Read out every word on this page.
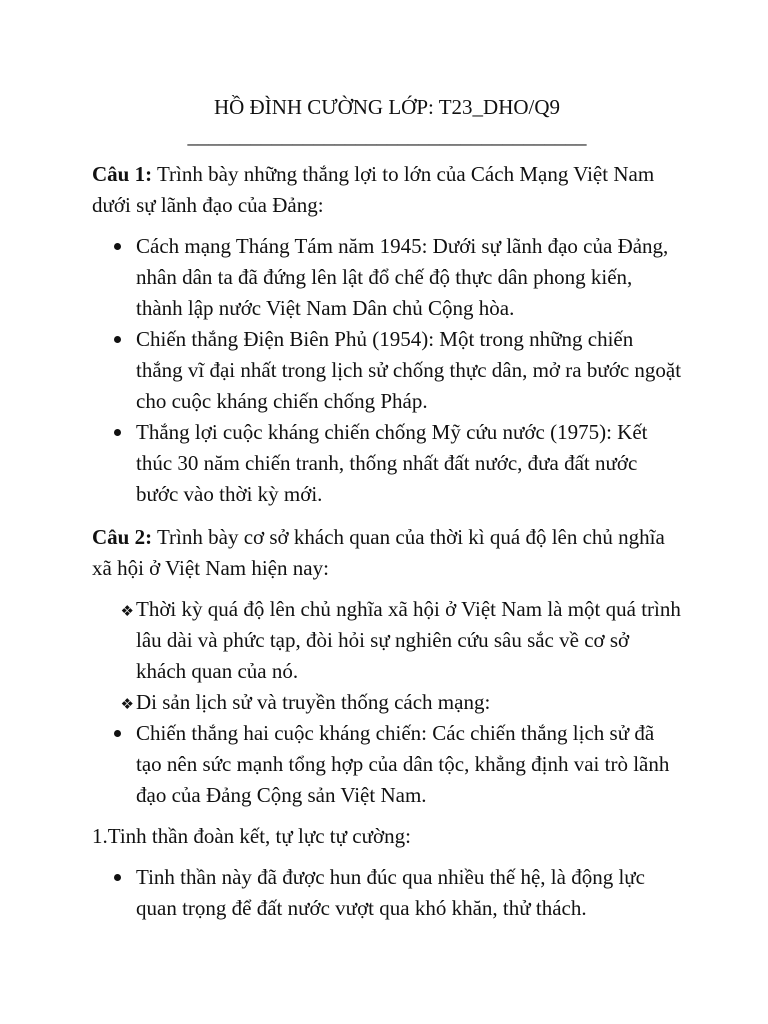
HỒ ĐÌNH CƯỜNG LỚP: T23_DHO/Q9

______________________________________

Câu 1: Trình bày những thắng lợi to lớn của Cách Mạng Việt Nam dưới sự lãnh đạo của Đảng:

Cách mạng Tháng Tám năm 1945: Dưới sự lãnh đạo của Đảng, nhân dân ta đã đứng lên lật đổ chế độ thực dân phong kiến, thành lập nước Việt Nam Dân chủ Cộng hòa.
Chiến thắng Điện Biên Phủ (1954): Một trong những chiến thắng vĩ đại nhất trong lịch sử chống thực dân, mở ra bước ngoặt cho cuộc kháng chiến chống Pháp.
Thắng lợi cuộc kháng chiến chống Mỹ cứu nước (1975): Kết thúc 30 năm chiến tranh, thống nhất đất nước, đưa đất nước bước vào thời kỳ mới.

Câu 2: Trình bày cơ sở khách quan của thời kì quá độ lên chủ nghĩa xã hội ở Việt Nam hiện nay:

❖ Thời kỳ quá độ lên chủ nghĩa xã hội ở Việt Nam là một quá trình lâu dài và phức tạp, đòi hỏi sự nghiên cứu sâu sắc về cơ sở khách quan của nó.
❖ Di sản lịch sử và truyền thống cách mạng:
Chiến thắng hai cuộc kháng chiến: Các chiến thắng lịch sử đã tạo nên sức mạnh tổng hợp của dân tộc, khẳng định vai trò lãnh đạo của Đảng Cộng sản Việt Nam.

1.Tinh thần đoàn kết, tự lực tự cường:

Tinh thần này đã được hun đúc qua nhiều thế hệ, là động lực quan trọng để đất nước vượt qua khó khăn, thử thách.
